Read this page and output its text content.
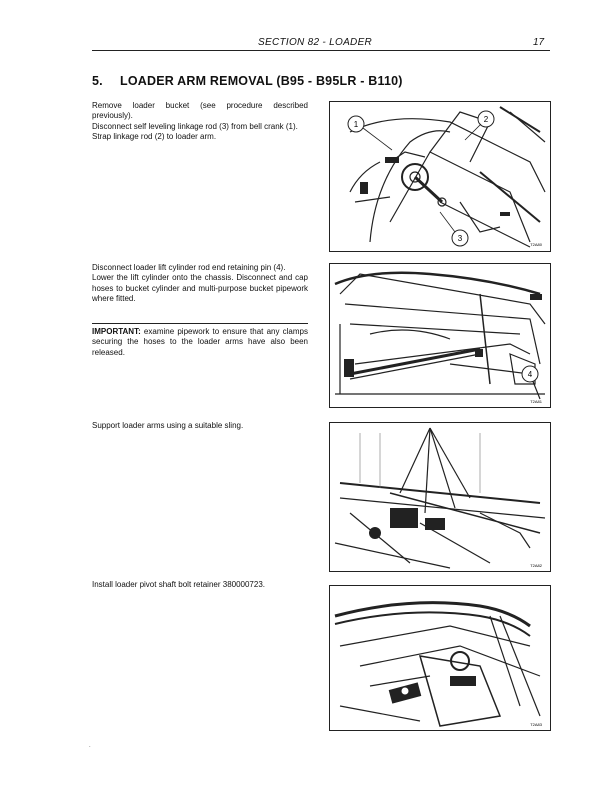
SECTION 82 - LOADER	17
5. LOADER ARM REMOVAL (B95 - B95LR - B110)

Remove loader bucket (see procedure described previously).

Disconnect self leveling linkage rod (3) from bell crank (1).

Strap linkage rod (2) to loader arm.

1
2
3
T2A80

Disconnect loader lift cylinder rod end retaining pin (4).

Lower the lift cylinder onto the chassis. Disconnect and cap hoses to bucket cylinder and multi-purpose bucket pipework where fitted.

IMPORTANT: examine pipework to ensure that any clamps securing the hoses to the loader arms have also been released.
4
T2A81

Support loader arms using a suitable sling.

T2A82

Install loader pivot shaft bolt retainer 380000723.

T2A83
.
